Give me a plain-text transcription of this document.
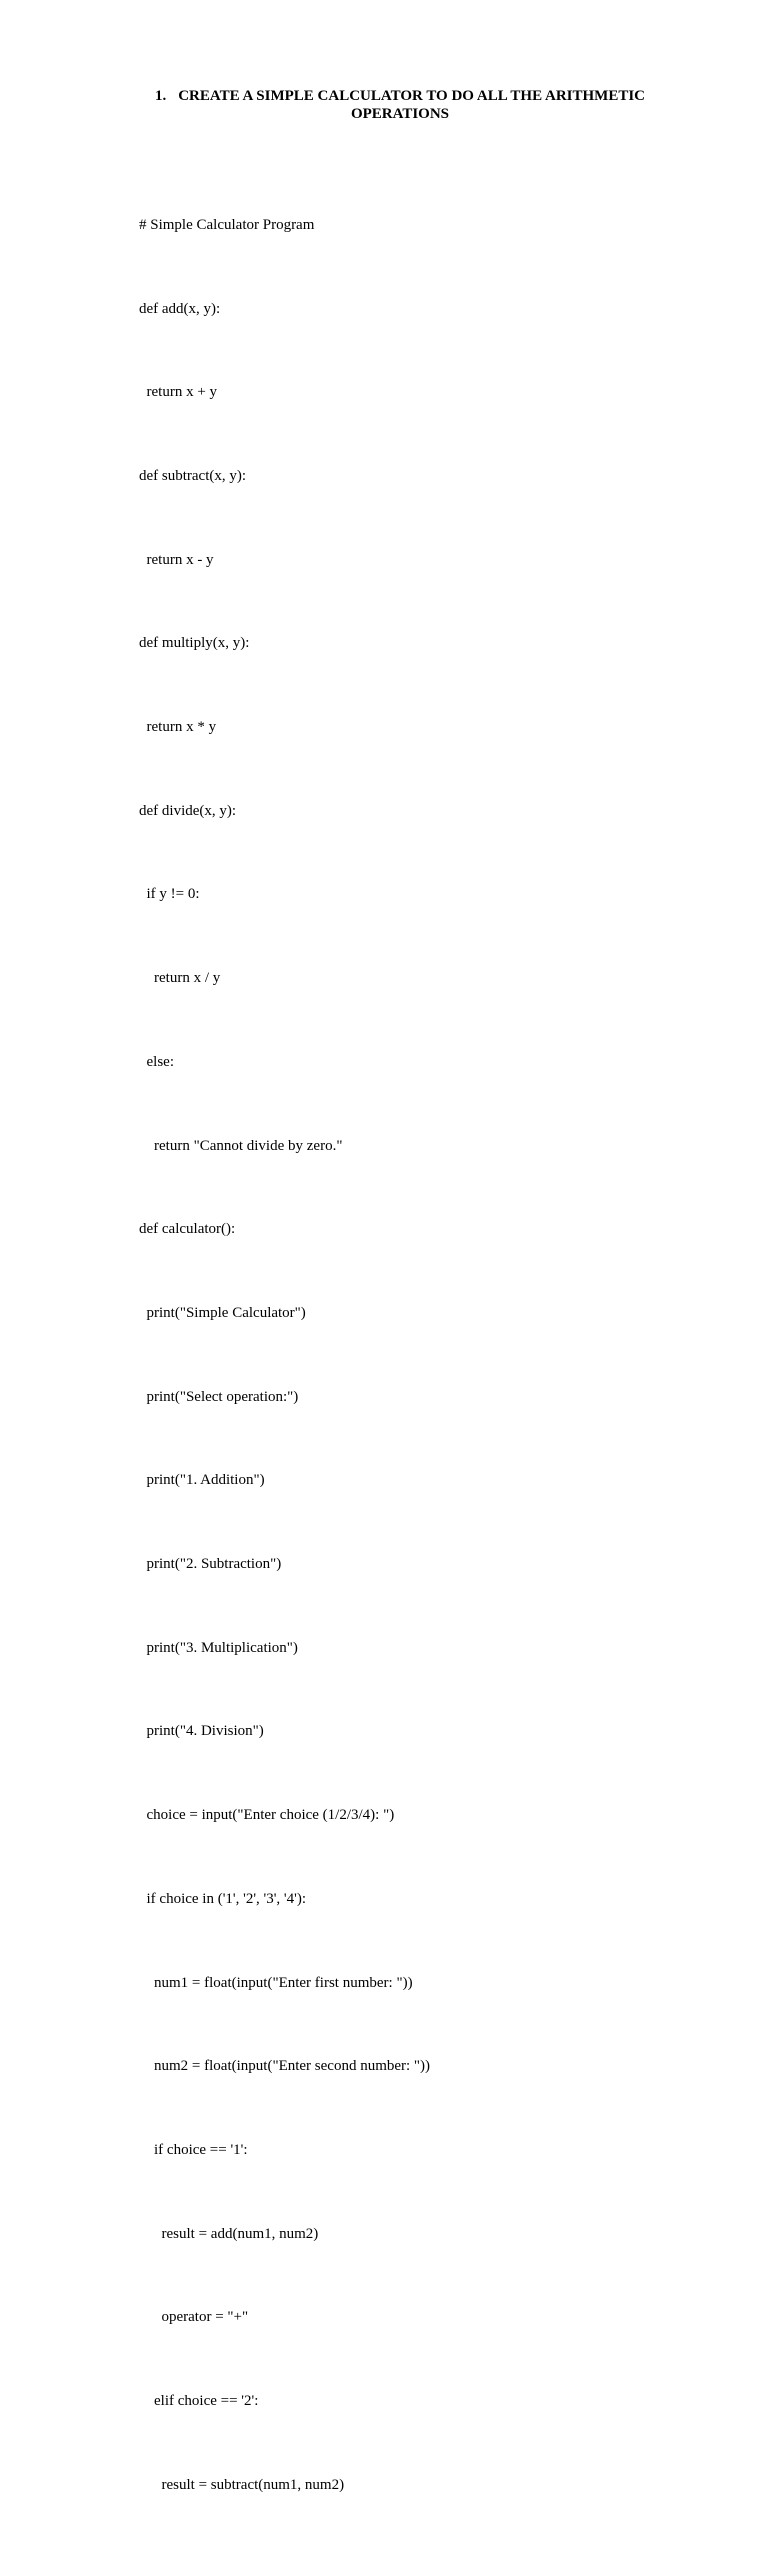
1. CREATE A SIMPLE CALCULATOR TO DO ALL THE ARITHMETIC
OPERATIONS

# Simple Calculator Program

def add(x, y):

return x + y

def subtract(x, y):

return x - y

def multiply(x, y):

return x * y

def divide(x, y):

if y != 0:

return x / y

else:

return "Cannot divide by zero."

def calculator():

print("Simple Calculator")

print("Select operation:")

print("1. Addition")

print("2. Subtraction")

print("3. Multiplication")

print("4. Division")

choice = input("Enter choice (1/2/3/4): ")

if choice in ('1', '2', '3', '4'):

num1 = float(input("Enter first number: "))

num2 = float(input("Enter second number: "))

if choice == '1':

result = add(num1, num2)

operator = "+"

elif choice == '2':

result = subtract(num1, num2)
